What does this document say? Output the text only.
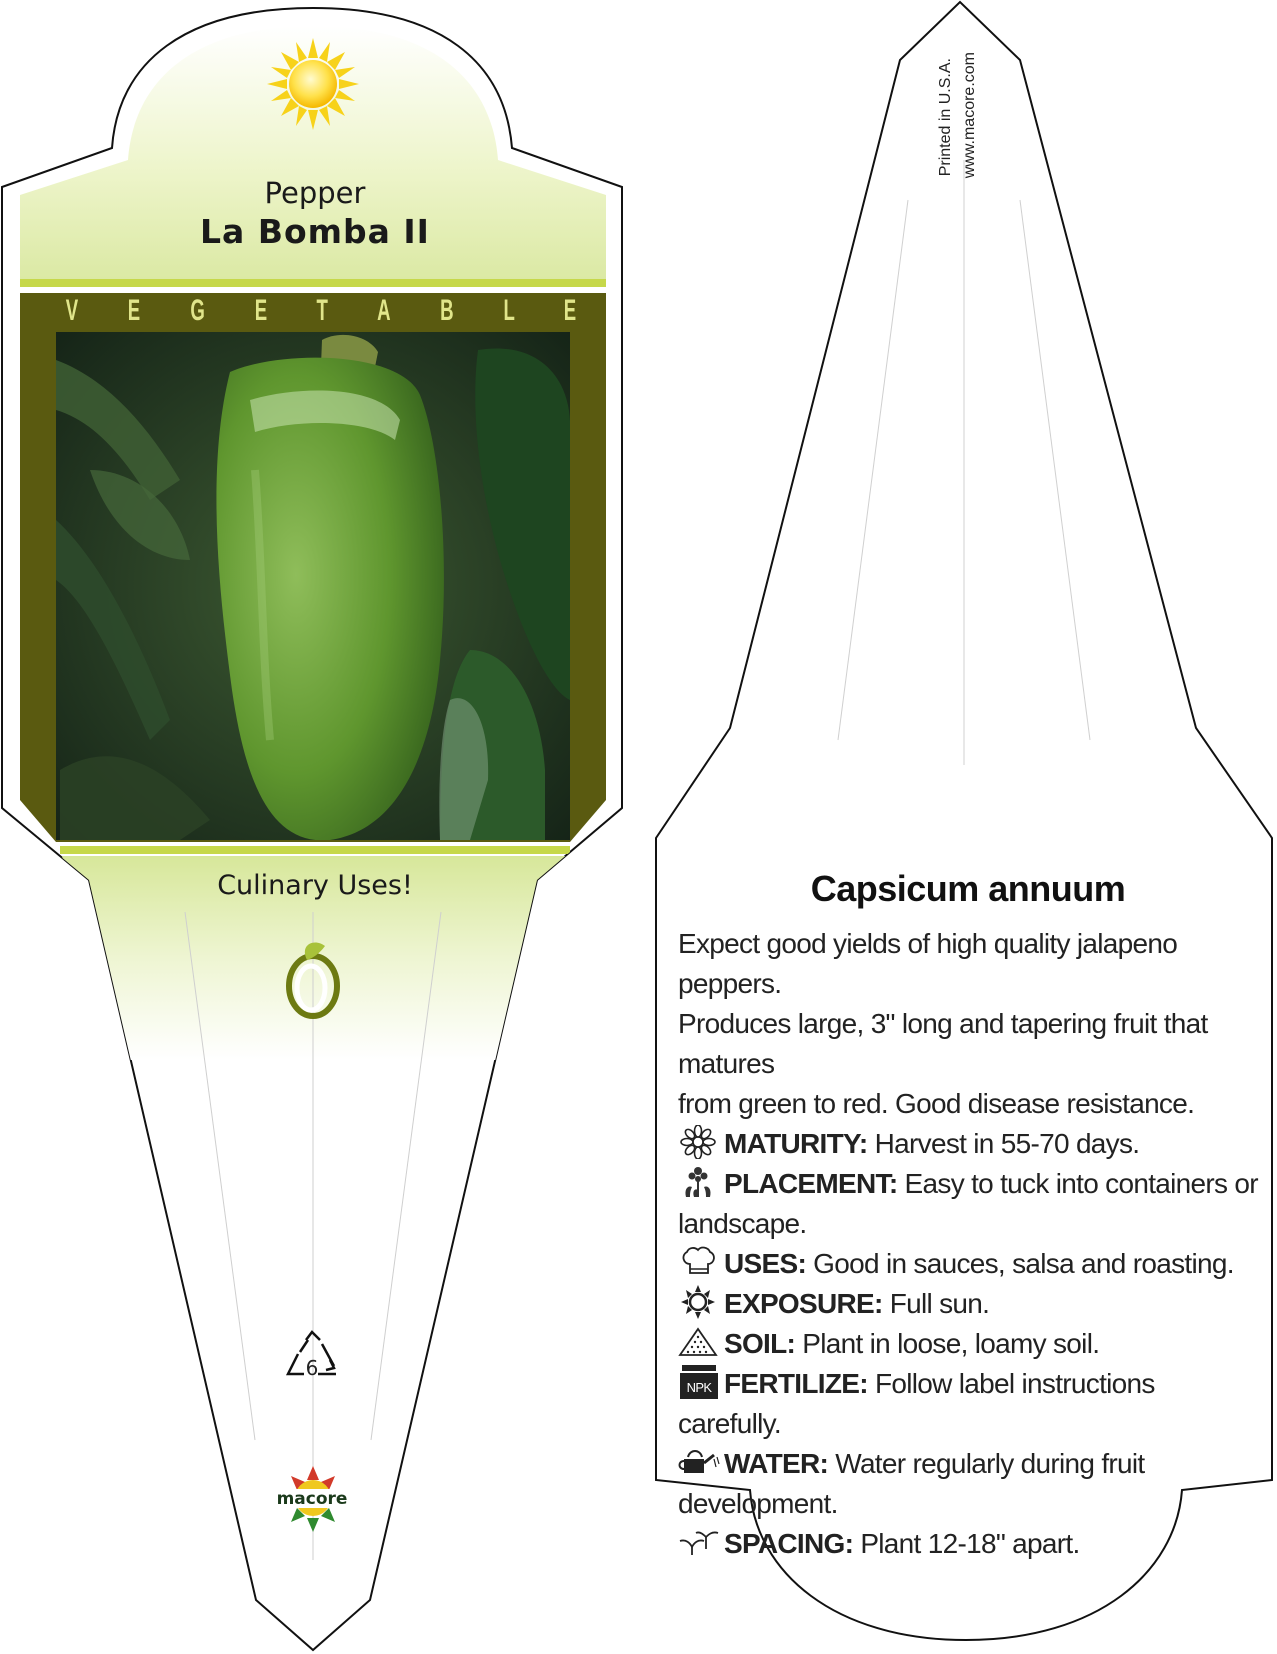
Pepper
La Bomba II
V E G E T A B L E
Culinary Uses!
6
macore
Printed in U.S.A. www.macore.com
Capsicum annuum
Expect good yields of high quality jalapeno peppers.
Produces large, 3" long and tapering fruit that matures
from green to red. Good disease resistance.
MATURITY: Harvest in 55-70 days.
PLACEMENT: Easy to tuck into containers or
landscape.
USES: Good in sauces, salsa and roasting.
EXPOSURE: Full sun.
SOIL: Plant in loose, loamy soil.
NPK FERTILIZE: Follow label instructions carefully.
WATER: Water regularly during fruit
development.
SPACING: Plant 12-18" apart.
